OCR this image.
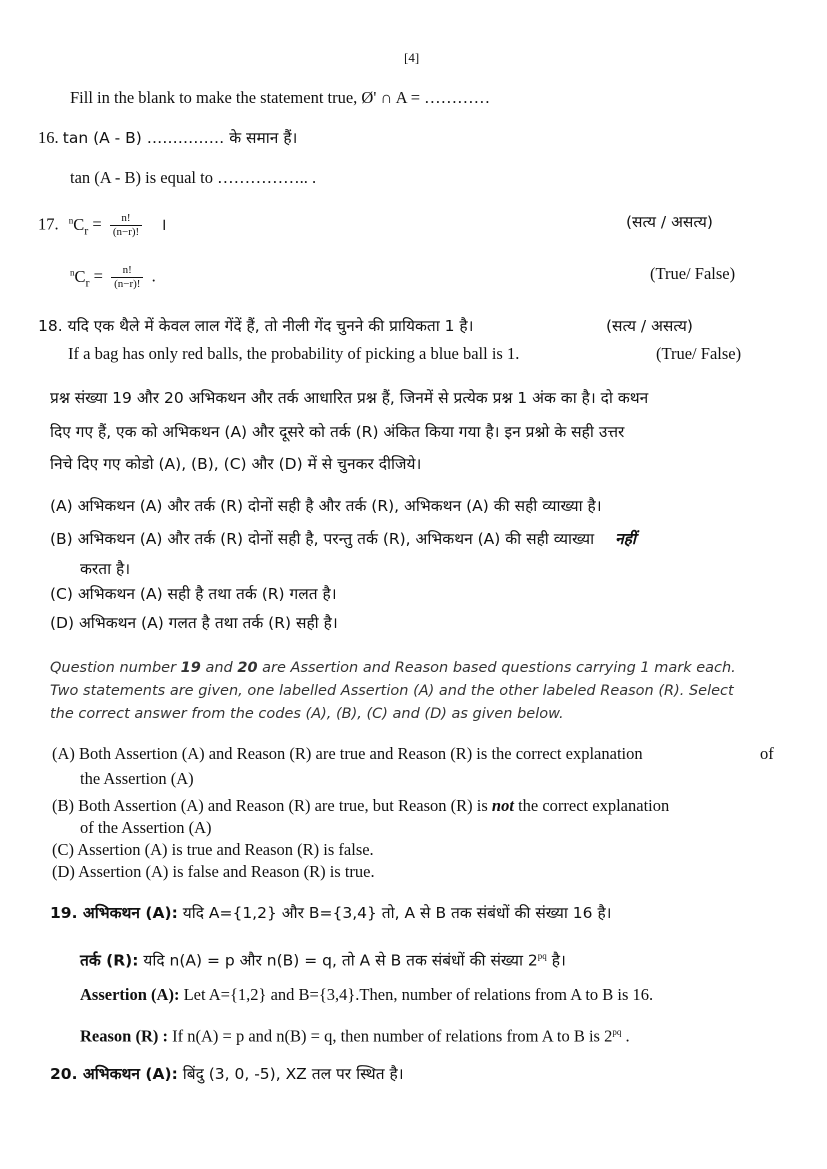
[4]
Fill in the blank to make the statement true, Ø' ∩ A = …………
16. tan (A - B) …………… के समान हैं।
tan (A - B) is equal to …………….. .
17. $^nC_r = \frac{n!}{(n-r)!}$ ।	(सत्य / असत्य)
$^nC_r = \frac{n!}{(n-r)!}$ .	(True/ False)
18. यदि एक थैले में केवल लाल गेंदें हैं, तो नीली गेंद चुनने की प्रायिकता 1 है।	(सत्य / असत्य)
If a bag has only red balls, the probability of picking a blue ball is 1.	(True/ False)
प्रश्न संख्या 19 और 20 अभिकथन और तर्क आधारित प्रश्न हैं, जिनमें से प्रत्येक प्रश्न 1 अंक का है। दो कथन
दिए गए हैं, एक को अभिकथन (A) और दूसरे को तर्क (R) अंकित किया गया है। इन प्रश्नो के सही उत्तर
निचे दिए गए कोडो (A), (B), (C) और (D) में से चुनकर दीजिये।
(A) अभिकथन (A) और तर्क (R) दोनों सही है और तर्क (R), अभिकथन (A) की सही व्याख्या है।
(B) अभिकथन (A) और तर्क (R) दोनों सही है, परन्तु तर्क (R), अभिकथन (A) की सही व्याख्या नहीं
करता है।
(C) अभिकथन (A) सही है तथा तर्क (R) गलत है।
(D) अभिकथन (A) गलत है तथा तर्क (R) सही है।
Question number 19 and 20 are Assertion and Reason based questions carrying 1 mark each.
Two statements are given, one labelled Assertion (A) and the other labeled Reason (R). Select
the correct answer from the codes (A), (B), (C) and (D) as given below.
(A) Both Assertion (A) and Reason (R) are true and Reason (R) is the correct explanation	of
the Assertion (A)
(B) Both Assertion (A) and Reason (R) are true, but Reason (R) is not the correct explanation
of the Assertion (A)
(C) Assertion (A) is true and Reason (R) is false.
(D) Assertion (A) is false and Reason (R) is true.
19. अभिकथन (A): यदि A={1,2} और B={3,4} तो, A से B तक संबंधों की संख्या 16 है।
तर्क (R): यदि n(A) = p और n(B) = q, तो A से B तक संबंधों की संख्या $2^{pq}$ है।
Assertion (A): Let A={1,2} and B={3,4}.Then, number of relations from A to B is 16.
Reason (R) : If n(A) = p and n(B) = q, then number of relations from A to B is $2^{pq}$ .
20. अभिकथन (A): बिंदु (3, 0, -5), XZ तल पर स्थित है।
